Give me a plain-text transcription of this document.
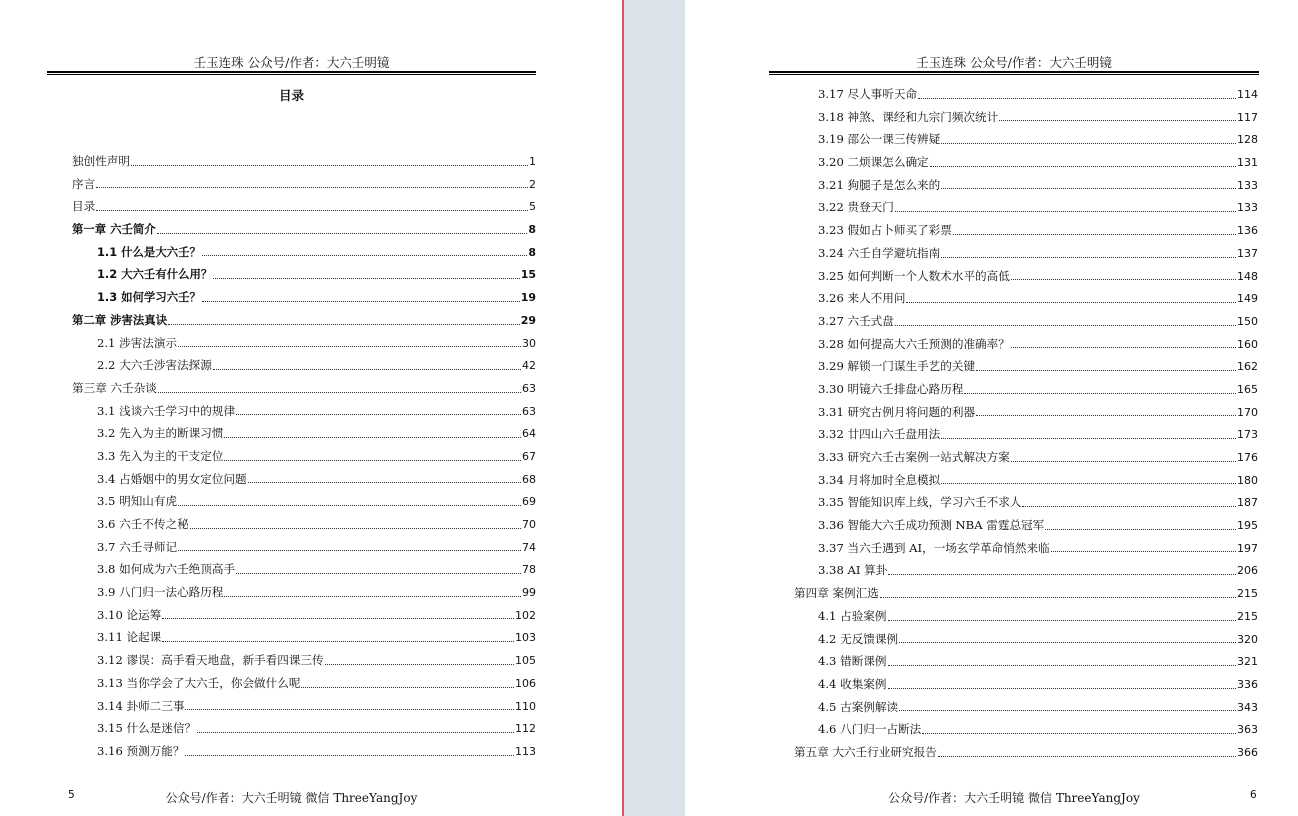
壬玉连珠 公众号/作者：大六壬明镜
目录
独创性声明	1
序言	2
目录	5
第一章 六壬简介	8
1.1 什么是大六壬？	8
1.2 大六壬有什么用？	15
1.3 如何学习六壬？	19
第二章 涉害法真诀	29
2.1 涉害法演示	30
2.2 大六壬涉害法探源	42
第三章 六壬杂谈	63
3.1 浅谈六壬学习中的规律	63
3.2 先入为主的断课习惯	64
3.3 先入为主的干支定位	67
3.4 占婚姻中的男女定位问题	68
3.5 明知山有虎	69
3.6 六壬不传之秘	70
3.7 六壬寻师记	74
3.8 如何成为六壬绝顶高手	78
3.9 八门归一法心路历程	99
3.10 论运筹	102
3.11 论起课	103
3.12 谬误：高手看天地盘，新手看四课三传	105
3.13 当你学会了大六壬，你会做什么呢	106
3.14 卦师二三事	110
3.15 什么是迷信？	112
3.16 预测万能？	113
5	公众号/作者：大六壬明镜 微信 ThreeYangJoy
壬玉连珠 公众号/作者：大六壬明镜
3.17 尽人事听天命	114
3.18 神煞、课经和九宗门频次统计	117
3.19 邵公一课三传辨疑	128
3.20 二烦课怎么确定	131
3.21 狗腿子是怎么来的	133
3.22 贵登天门	133
3.23 假如占卜师买了彩票	136
3.24 六壬自学避坑指南	137
3.25 如何判断一个人数术水平的高低	148
3.26 来人不用问	149
3.27 六壬式盘	150
3.28 如何提高大六壬预测的准确率？	160
3.29 解锁一门谋生手艺的关键	162
3.30 明镜六壬排盘心路历程	165
3.31 研究古例月将问题的利器	170
3.32 廿四山六壬盘用法	173
3.33 研究六壬古案例一站式解决方案	176
3.34 月将加时全息模拟	180
3.35 智能知识库上线，学习六壬不求人	187
3.36 智能大六壬成功预测 NBA 雷霆总冠军	195
3.37 当六壬遇到 AI，一场玄学革命悄然来临	197
3.38 AI 算卦	206
第四章 案例汇选	215
4.1 占验案例	215
4.2 无反馈课例	320
4.3 错断课例	321
4.4 收集案例	336
4.5 古案例解读	343
4.6 八门归一占断法	363
第五章 大六壬行业研究报告	366
6
公众号/作者：大六壬明镜 微信 ThreeYangJoy
